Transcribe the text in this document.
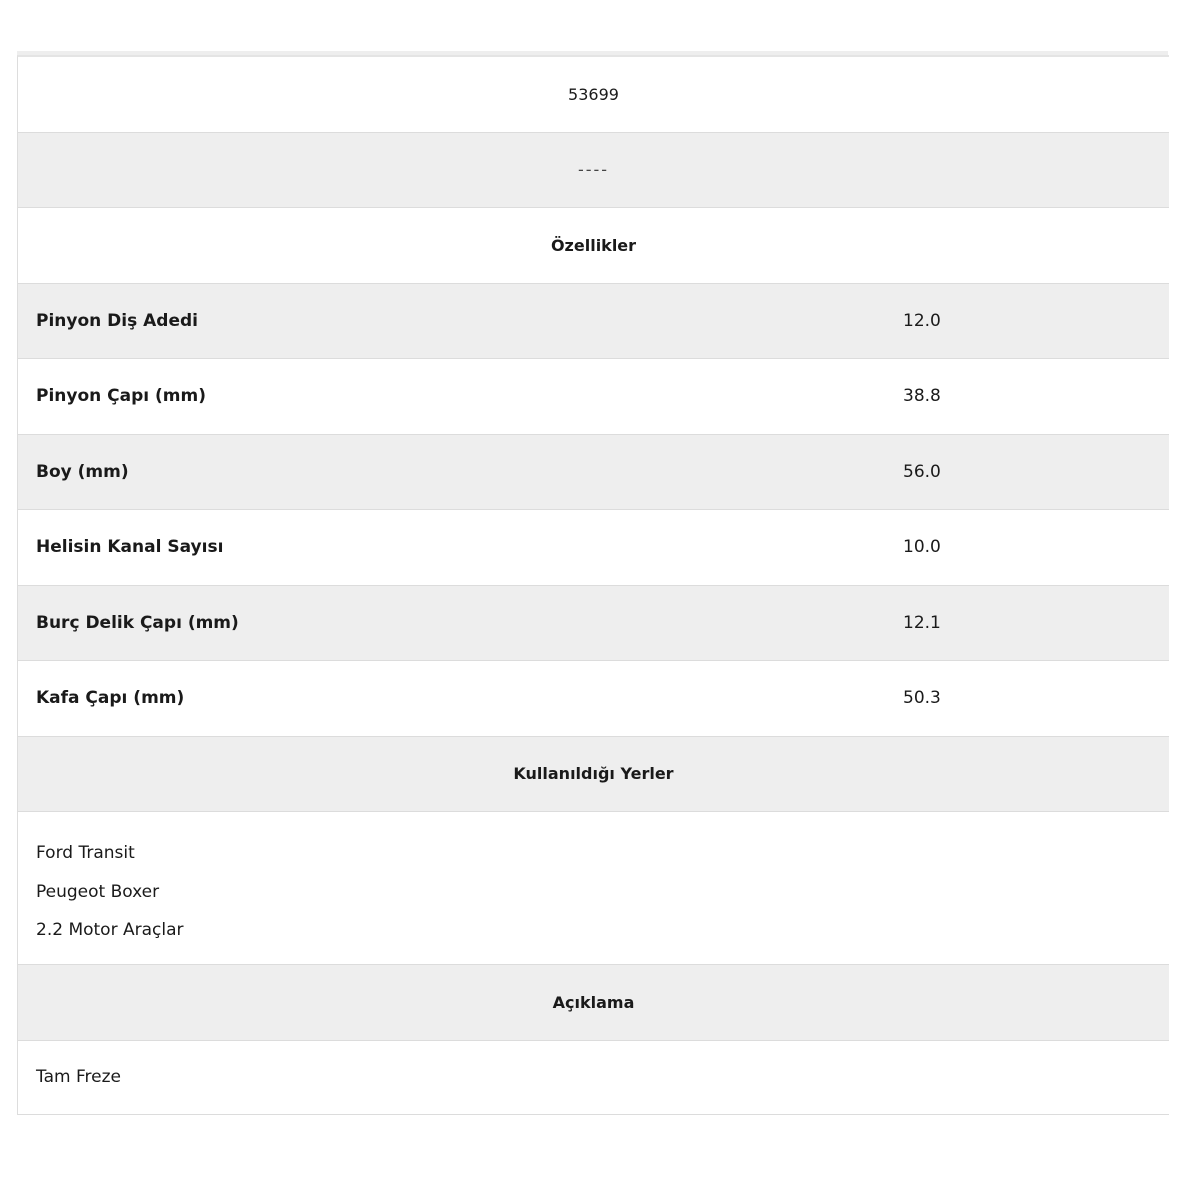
53699
----
Özellikler
Pinyon Diş Adedi	12.0
Pinyon Çapı (mm)	38.8
Boy (mm)	56.0
Helisin Kanal Sayısı	10.0
Burç Delik Çapı (mm)	12.1
Kafa Çapı (mm)	50.3
Kullanıldığı Yerler
Ford Transit
Peugeot Boxer
2.2 Motor Araçlar
Açıklama
Tam Freze
